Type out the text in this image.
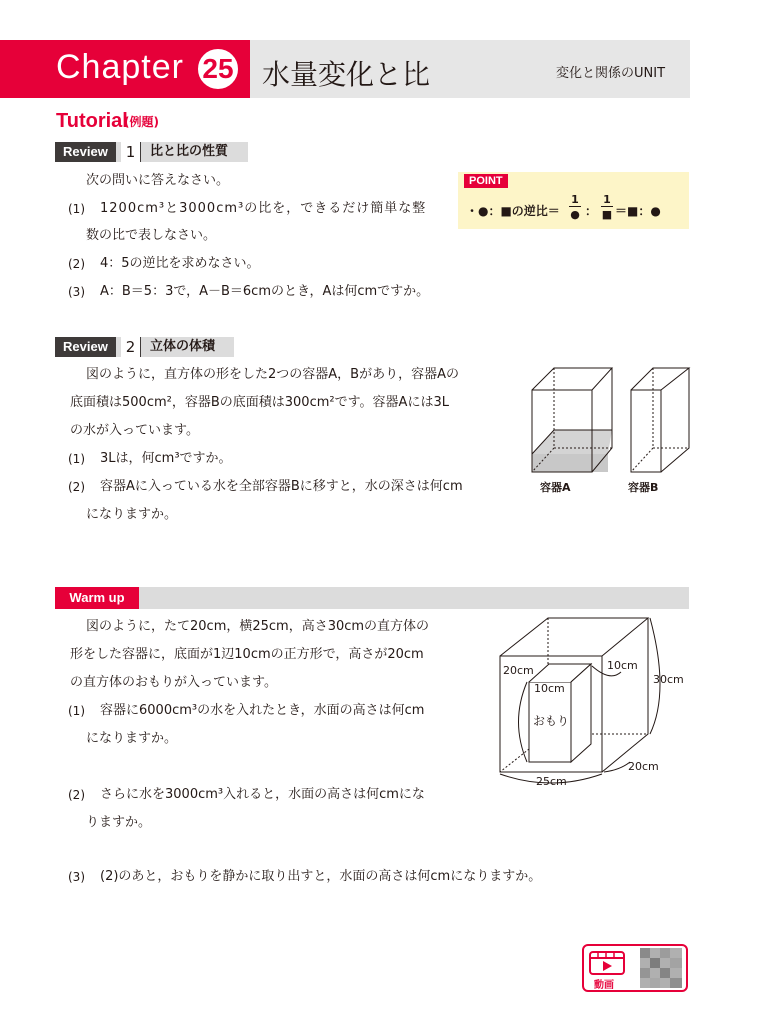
Chapter 25 水量変化と比	変化と関係のUNIT
Tutorial
(例題)
Review	1	比と比の性質
次の問いに答えなさい。
(1) 1200cm³と3000cm³の比を，できるだけ簡単な整
数の比で表しなさい。
(2) 4：5の逆比を求めなさい。
(3) A：B＝5：3で，A－B＝6cmのとき，Aは何cmですか。
POINT
・●：■の逆比＝
1
● ：
1
■ ＝■：●
Review	2	立体の体積
図のように，直方体の形をした2つの容器A，Bがあり，容器Aの
底面積は500cm²，容器Bの底面積は300cm²です。容器Aには3L
の水が入っています。
(1) 3Lは，何cm³ですか。
(2) 容器Aに入っている水を全部容器Bに移すと，水の深さは何cm
になりますか。
容器A	容器B
Warm up
図のように，たて20cm，横25cm，高さ30cmの直方体の
形をした容器に，底面が1辺10cmの正方形で，高さが20cm
の直方体のおもりが入っています。
(1) 容器に6000cm³の水を入れたとき，水面の高さは何cm
になりますか。
(2) さらに水を3000cm³入れると，水面の高さは何cmにな
りますか。
(3) (2)のあと，おもりを静かに取り出すと，水面の高さは何cmになりますか。
20cm
10cm
10cm
おもり
30cm
25cm
20cm
動画
